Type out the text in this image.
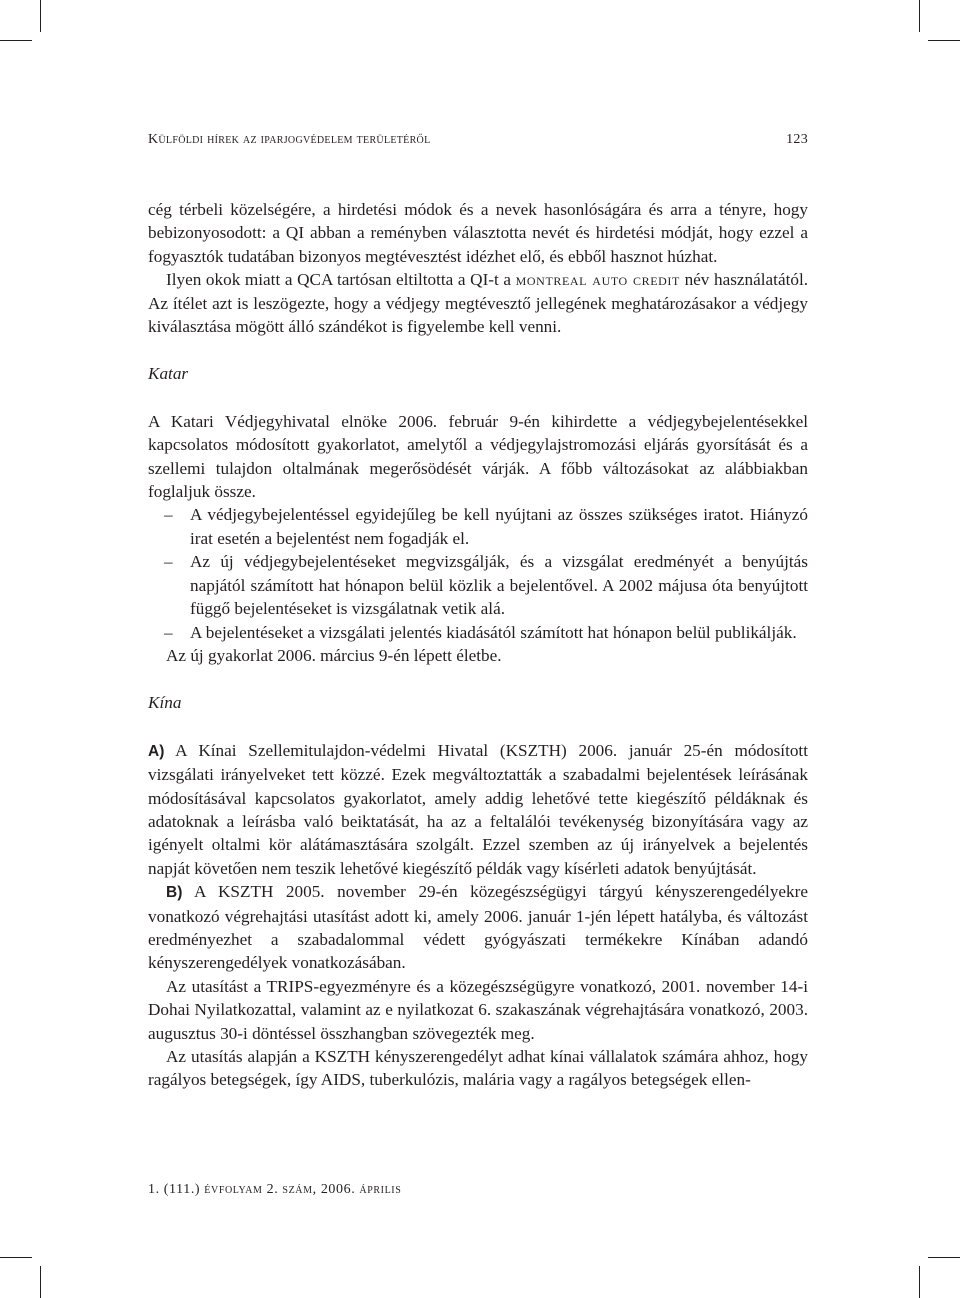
Külföldi hírek az iparjogvédelem területéről	123

cég térbeli közelségére, a hirdetési módok és a nevek hasonlóságára és arra a tényre, hogy bebizonyosodott: a QI abban a reményben választotta nevét és hirdetési módját, hogy ezzel a fogyasztók tudatában bizonyos megtévesztést idézhet elő, és ebből hasznot húzhat.

Ilyen okok miatt a QCA tartósan eltiltotta a QI-t a montreal auto credit név használatától. Az ítélet azt is leszögezte, hogy a védjegy megtévesztő jellegének meghatározásakor a védjegy kiválasztása mögött álló szándékot is figyelembe kell venni.

Katar

A Katari Védjegyhivatal elnöke 2006. február 9-én kihirdette a védjegybejelentésekkel kapcsolatos módosított gyakorlatot, amelytől a védjegylajstromozási eljárás gyorsítását és a szellemi tulajdon oltalmának megerősödését várják. A főbb változásokat az alábbiakban foglaljuk össze.

– A védjegybejelentéssel egyidejűleg be kell nyújtani az összes szükséges iratot. Hiányzó irat esetén a bejelentést nem fogadják el.
– Az új védjegybejelentéseket megvizsgálják, és a vizsgálat eredményét a benyújtás napjától számított hat hónapon belül közlik a bejelentővel. A 2002 májusa óta benyújtott függő bejelentéseket is vizsgálatnak vetik alá.
– A bejelentéseket a vizsgálati jelentés kiadásától számított hat hónapon belül publikálják.

Az új gyakorlat 2006. március 9-én lépett életbe.

Kína

A) A Kínai Szellemitulajdon-védelmi Hivatal (KSZTH) 2006. január 25-én módosított vizsgálati irányelveket tett közzé. Ezek megváltoztatták a szabadalmi bejelentések leírásának módosításával kapcsolatos gyakorlatot, amely addig lehetővé tette kiegészítő példáknak és adatoknak a leírásba való beiktatását, ha az a feltalálói tevékenység bizonyítására vagy az igényelt oltalmi kör alátámasztására szolgált. Ezzel szemben az új irányelvek a bejelentés napját követően nem teszik lehetővé kiegészítő példák vagy kísérleti adatok benyújtását.

B) A KSZTH 2005. november 29-én közegészségügyi tárgyú kényszerengedélyekre vonatkozó végrehajtási utasítást adott ki, amely 2006. január 1-jén lépett hatályba, és változást eredményezhet a szabadalommal védett gyógyászati termékekre Kínában adandó kényszerengedélyek vonatkozásában.

Az utasítást a TRIPS-egyezményre és a közegészségügyre vonatkozó, 2001. november 14-i Dohai Nyilatkozattal, valamint az e nyilatkozat 6. szakaszának végrehajtására vonatkozó, 2003. augusztus 30-i döntéssel összhangban szövegezték meg.

Az utasítás alapján a KSZTH kényszerengedélyt adhat kínai vállalatok számára ahhoz, hogy ragályos betegségek, így AIDS, tuberkulózis, malária vagy a ragályos betegségek ellen-

1. (111.) évfolyam 2. szám, 2006. április
